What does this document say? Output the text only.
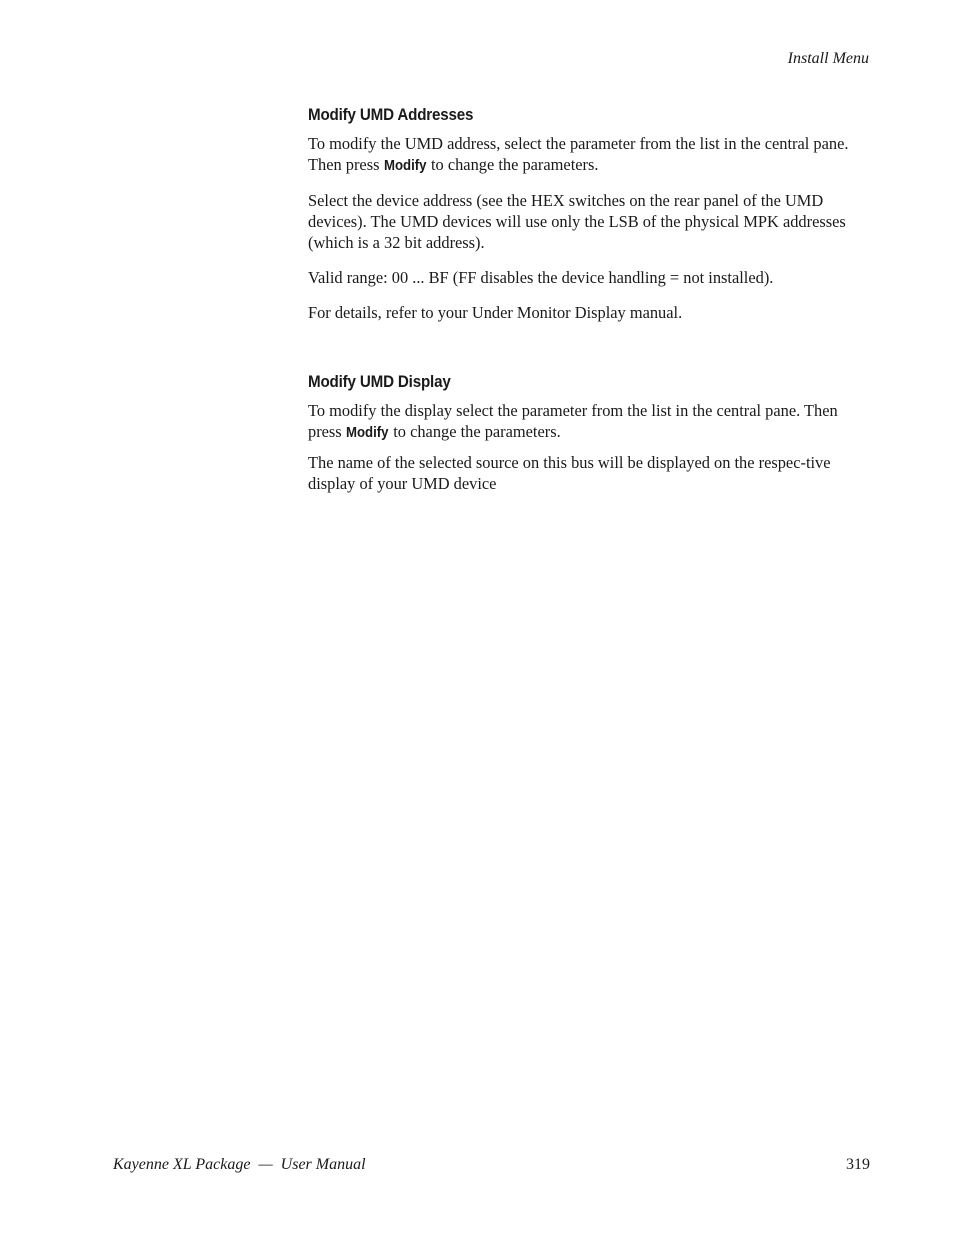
Install Menu
Modify UMD Addresses

To modify the UMD address, select the parameter from the list in the central pane. Then press Modify to change the parameters.

Select the device address (see the HEX switches on the rear panel of the UMD devices). The UMD devices will use only the LSB of the physical MPK addresses (which is a 32 bit address).

Valid range: 00 ... BF (FF disables the device handling = not installed).

For details, refer to your Under Monitor Display manual.

Modify UMD Display

To modify the display select the parameter from the list in the central pane. Then press Modify to change the parameters.

The name of the selected source on this bus will be displayed on the respec-tive display of your UMD device

Kayenne XL Package — User Manual	319
